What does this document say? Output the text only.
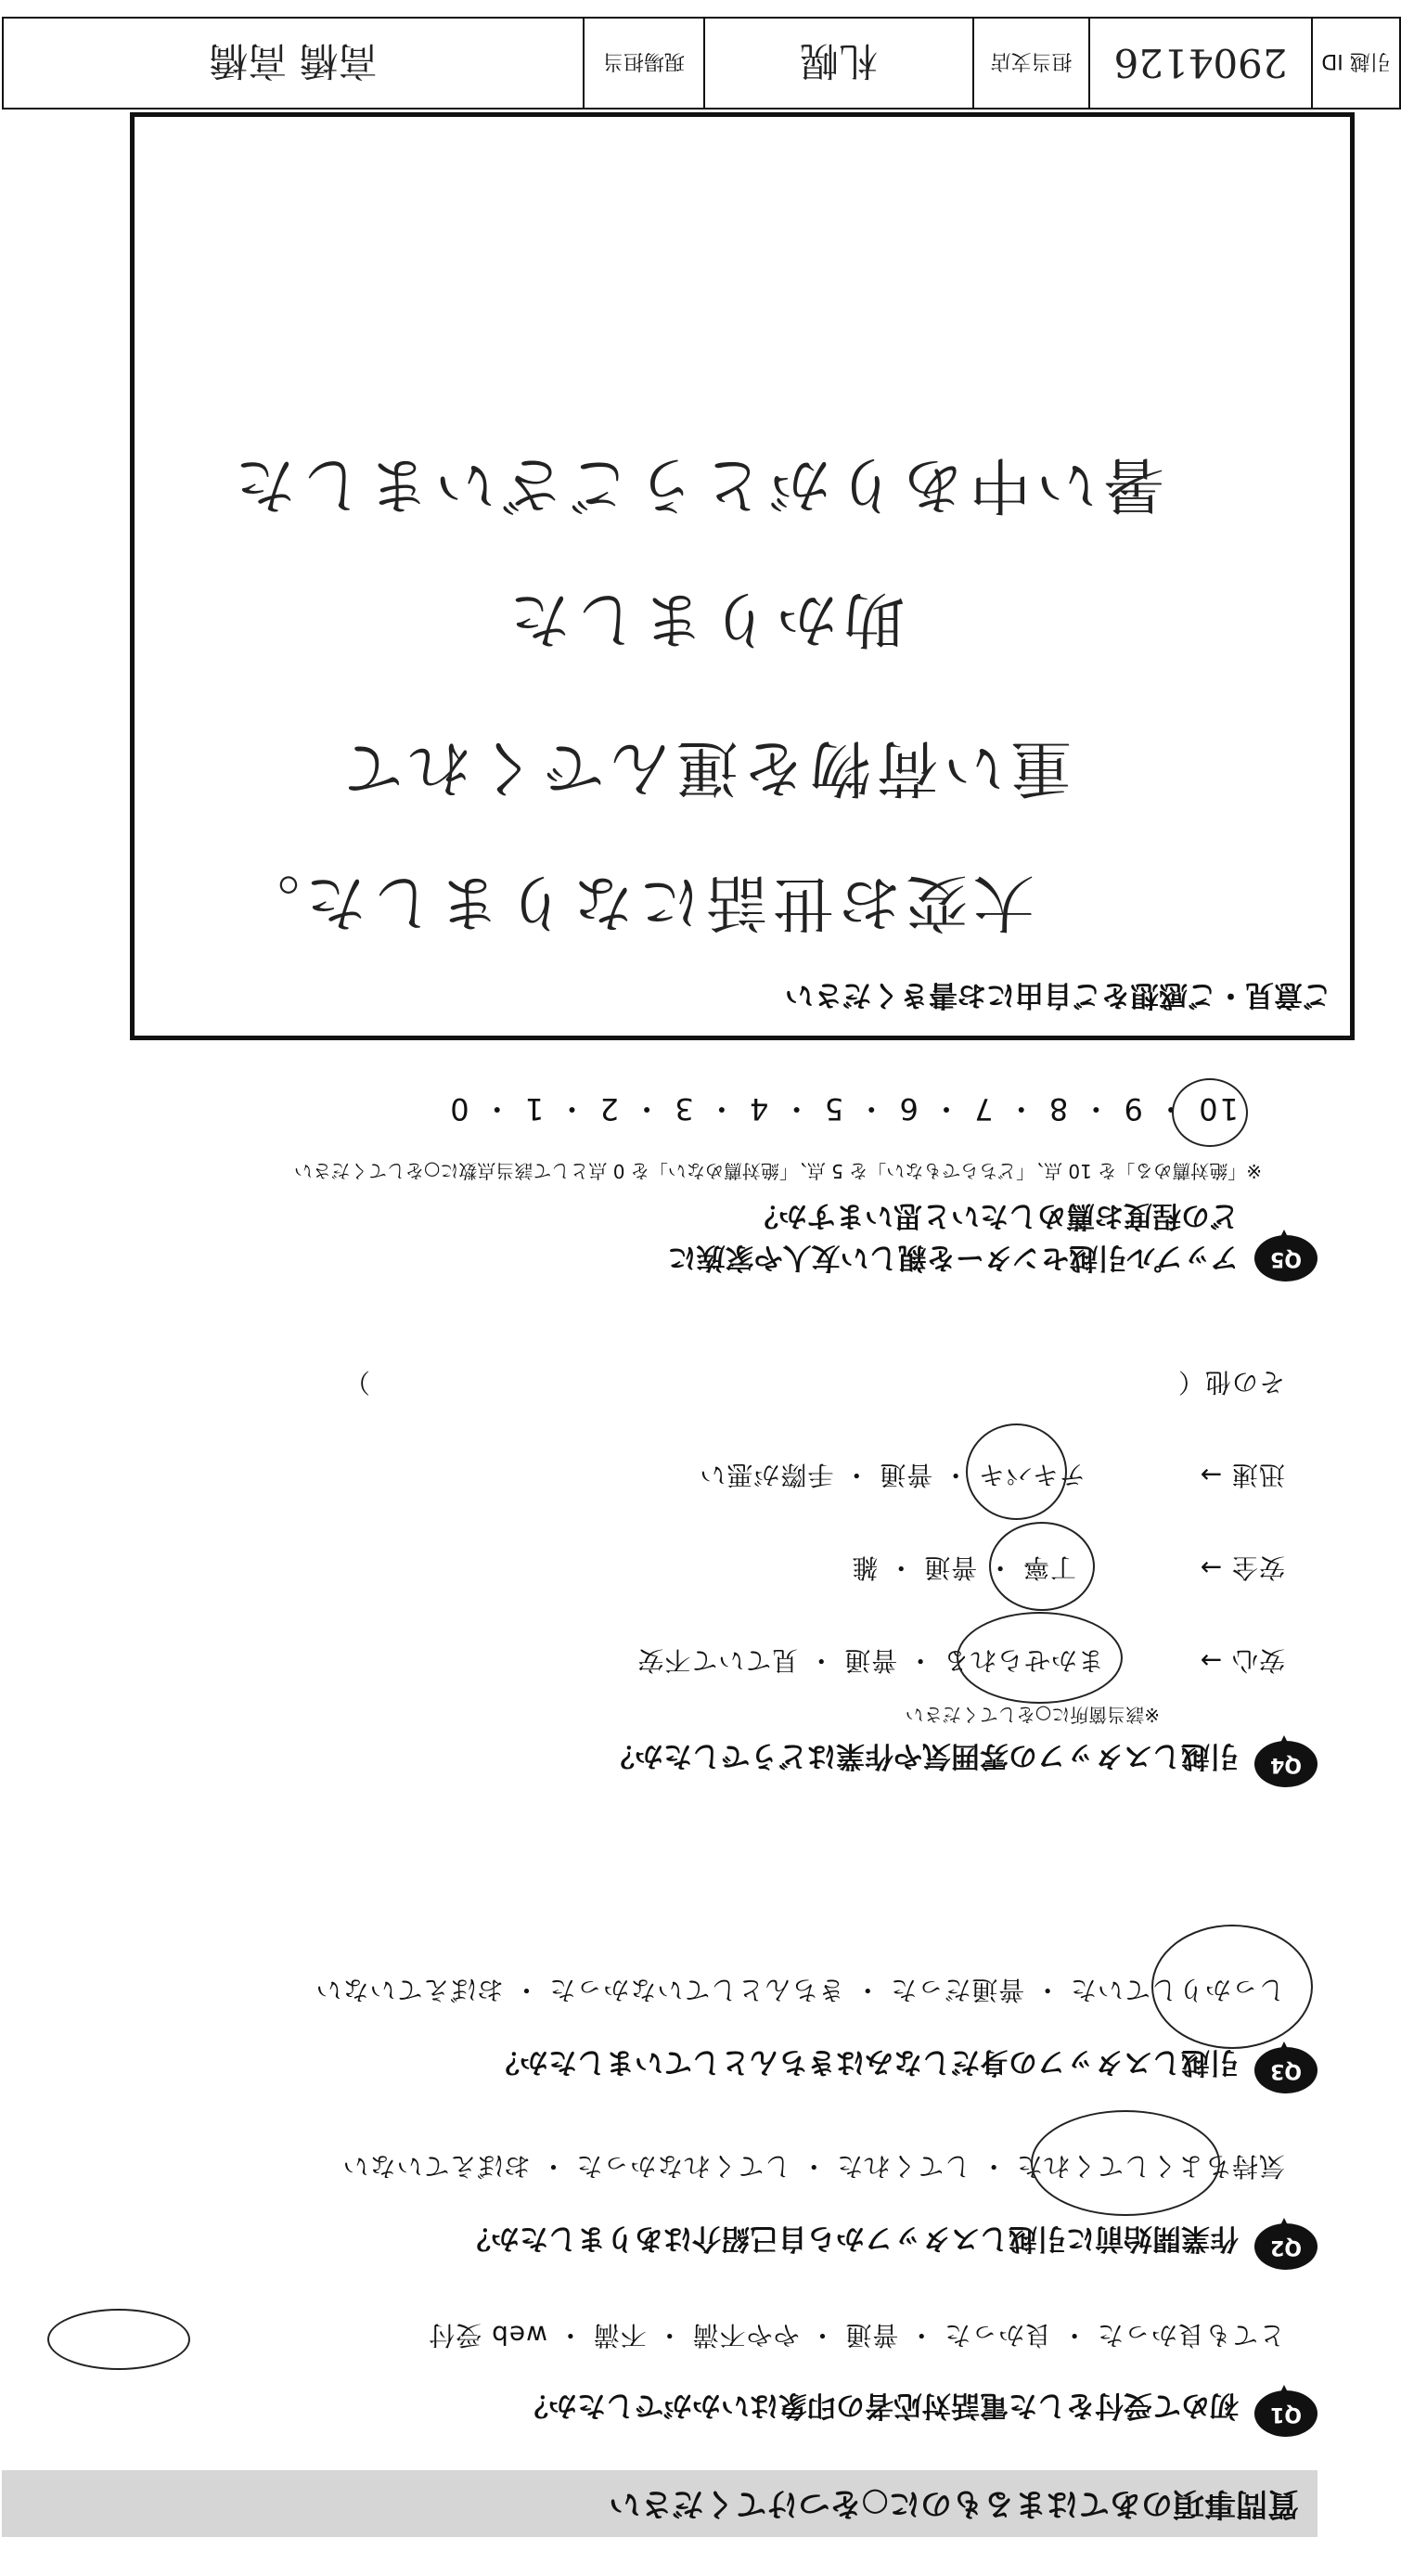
質問事項のあてはまるものに○をつけてください
Q1
初めて受付をした電話対応者の印象はいかがでしたか？
とても良かった ・ 良かった ・ 普通 ・ やや不満 ・ 不満 ・ web 受付
Q2
作業開始前に引越しスタッフから自己紹介はありましたか？
気持ちよくしてくれた ・ してくれた ・ してくれなかった ・ おぼえていない
Q3
引越しスタッフの身だしなみはきちんとしていましたか？
しっかりしていた ・ 普通だった ・ きちんとしていなかった ・ おぼえていない
Q4
引越しスタッフの雰囲気や作業はどうでしたか？
※該当箇所に○をしてください
安心 →
まかせられる ・ 普通 ・ 見ていて不安
安全 →
丁寧 ・ 普通 ・ 雑
迅速 →
テキパキ ・ 普通 ・ 手際が悪い
その他（　　　　　　　　　　　　　　　　　　　　　　　　　　　　　　）
Q5
アップル引越センターを親しい友人や家族に
どの程度お薦めしたいと思いますか？
※「絶対薦める」を 10 点、「どちらでもない」を 5 点、「絶対薦めない」を 0 点として該当点数に○をしてください
10 ・ 9 ・ 8 ・ 7 ・ 6 ・ 5 ・ 4 ・ 3 ・ 2 ・ 1 ・ 0
ご意見・ご感想をご自由にお書きください
大変お世話になりました。
重い荷物を運んでくれて
助かりました
暑い中ありがとうございました
引越 ID
2904126
担当支店
札幌
現場担当
高橋 高橋
